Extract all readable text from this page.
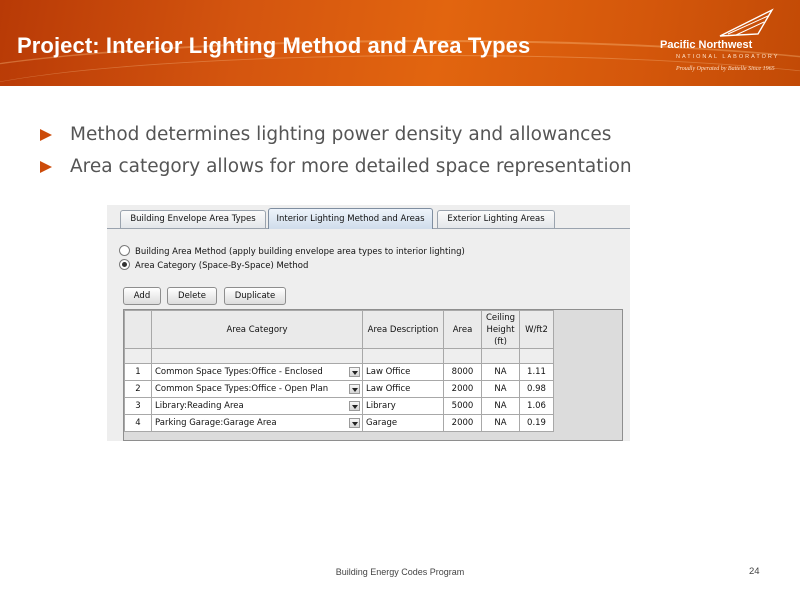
Project: Interior Lighting Method and Area Types	Pacific Northwest
NATIONAL LABORATORY
Proudly Operated by Battelle Since 1965
Method determines lighting power density and allowances
Area category allows for more detailed space representation
Building Envelope Area Types	Interior Lighting Method and Areas	Exterior Lighting Areas
Building Area Method (apply building envelope area types to interior lighting)
Area Category (Space-By-Space) Method
Add	Delete	Duplicate
	Area Category	Area Description	Area	Ceiling Height (ft)	W/ft2

1	Common Space Types:Office - Enclosed	Law Office	8000	NA	1.11
2	Common Space Types:Office - Open Plan	Law Office	2000	NA	0.98
3	Library:Reading Area	Library	5000	NA	1.06
4	Parking Garage:Garage Area	Garage	2000	NA	0.19
Building Energy Codes Program	24
